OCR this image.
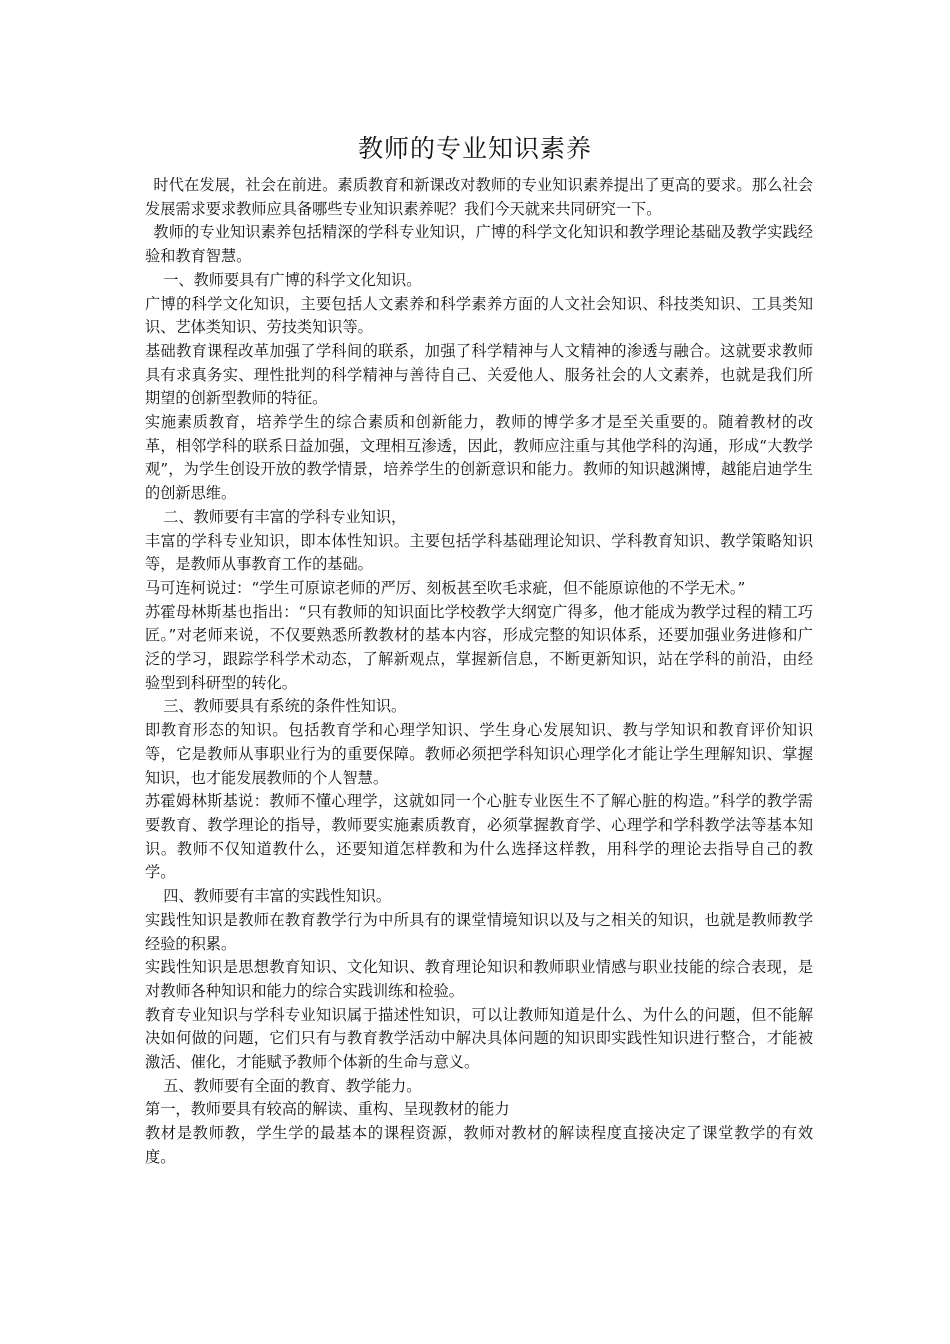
教师的专业知识素养

时代在发展，社会在前进。素质教育和新课改对教师的专业知识素养提出了更高的要求。那么社会发展需求要求教师应具备哪些专业知识素养呢？我们今天就来共同研究一下。

教师的专业知识素养包括精深的学科专业知识，广博的科学文化知识和教学理论基础及教学实践经验和教育智慧。

一、教师要具有广博的科学文化知识。

广博的科学文化知识，主要包括人文素养和科学素养方面的人文社会知识、科技类知识、工具类知识、艺体类知识、劳技类知识等。

基础教育课程改革加强了学科间的联系，加强了科学精神与人文精神的渗透与融合。这就要求教师具有求真务实、理性批判的科学精神与善待自己、关爱他人、服务社会的人文素养，也就是我们所期望的创新型教师的特征。

实施素质教育，培养学生的综合素质和创新能力，教师的博学多才是至关重要的。随着教材的改革，相邻学科的联系日益加强，文理相互渗透，因此，教师应注重与其他学科的沟通，形成“大教学观”，为学生创设开放的教学情景，培养学生的创新意识和能力。教师的知识越渊博，越能启迪学生的创新思维。

二、教师要有丰富的学科专业知识，

丰富的学科专业知识，即本体性知识。主要包括学科基础理论知识、学科教育知识、教学策略知识等，是教师从事教育工作的基础。

马可连柯说过：“学生可原谅老师的严厉、刻板甚至吹毛求疵，但不能原谅他的不学无术。”

苏霍母林斯基也指出：“只有教师的知识面比学校教学大纲宽广得多，他才能成为教学过程的精工巧匠。”对老师来说，不仅要熟悉所教教材的基本内容，形成完整的知识体系，还要加强业务进修和广泛的学习，跟踪学科学术动态，了解新观点，掌握新信息，不断更新知识，站在学科的前沿，由经验型到科研型的转化。

三、教师要具有系统的条件性知识。

即教育形态的知识。包括教育学和心理学知识、学生身心发展知识、教与学知识和教育评价知识等，它是教师从事职业行为的重要保障。教师必须把学科知识心理学化才能让学生理解知识、掌握知识，也才能发展教师的个人智慧。

苏霍姆林斯基说：教师不懂心理学，这就如同一个心脏专业医生不了解心脏的构造。”科学的教学需要教育、教学理论的指导，教师要实施素质教育，必须掌握教育学、心理学和学科教学法等基本知识。教师不仅知道教什么，还要知道怎样教和为什么选择这样教，用科学的理论去指导自己的教学。

四、教师要有丰富的实践性知识。

实践性知识是教师在教育教学行为中所具有的课堂情境知识以及与之相关的知识，也就是教师教学经验的积累。

实践性知识是思想教育知识、文化知识、教育理论知识和教师职业情感与职业技能的综合表现，是对教师各种知识和能力的综合实践训练和检验。

教育专业知识与学科专业知识属于描述性知识，可以让教师知道是什么、为什么的问题，但不能解决如何做的问题，它们只有与教育教学活动中解决具体问题的知识即实践性知识进行整合，才能被激活、催化，才能赋予教师个体新的生命与意义。

五、教师要有全面的教育、教学能力。

第一，教师要具有较高的解读、重构、呈现教材的能力

教材是教师教，学生学的最基本的课程资源，教师对教材的解读程度直接决定了课堂教学的有效度。
